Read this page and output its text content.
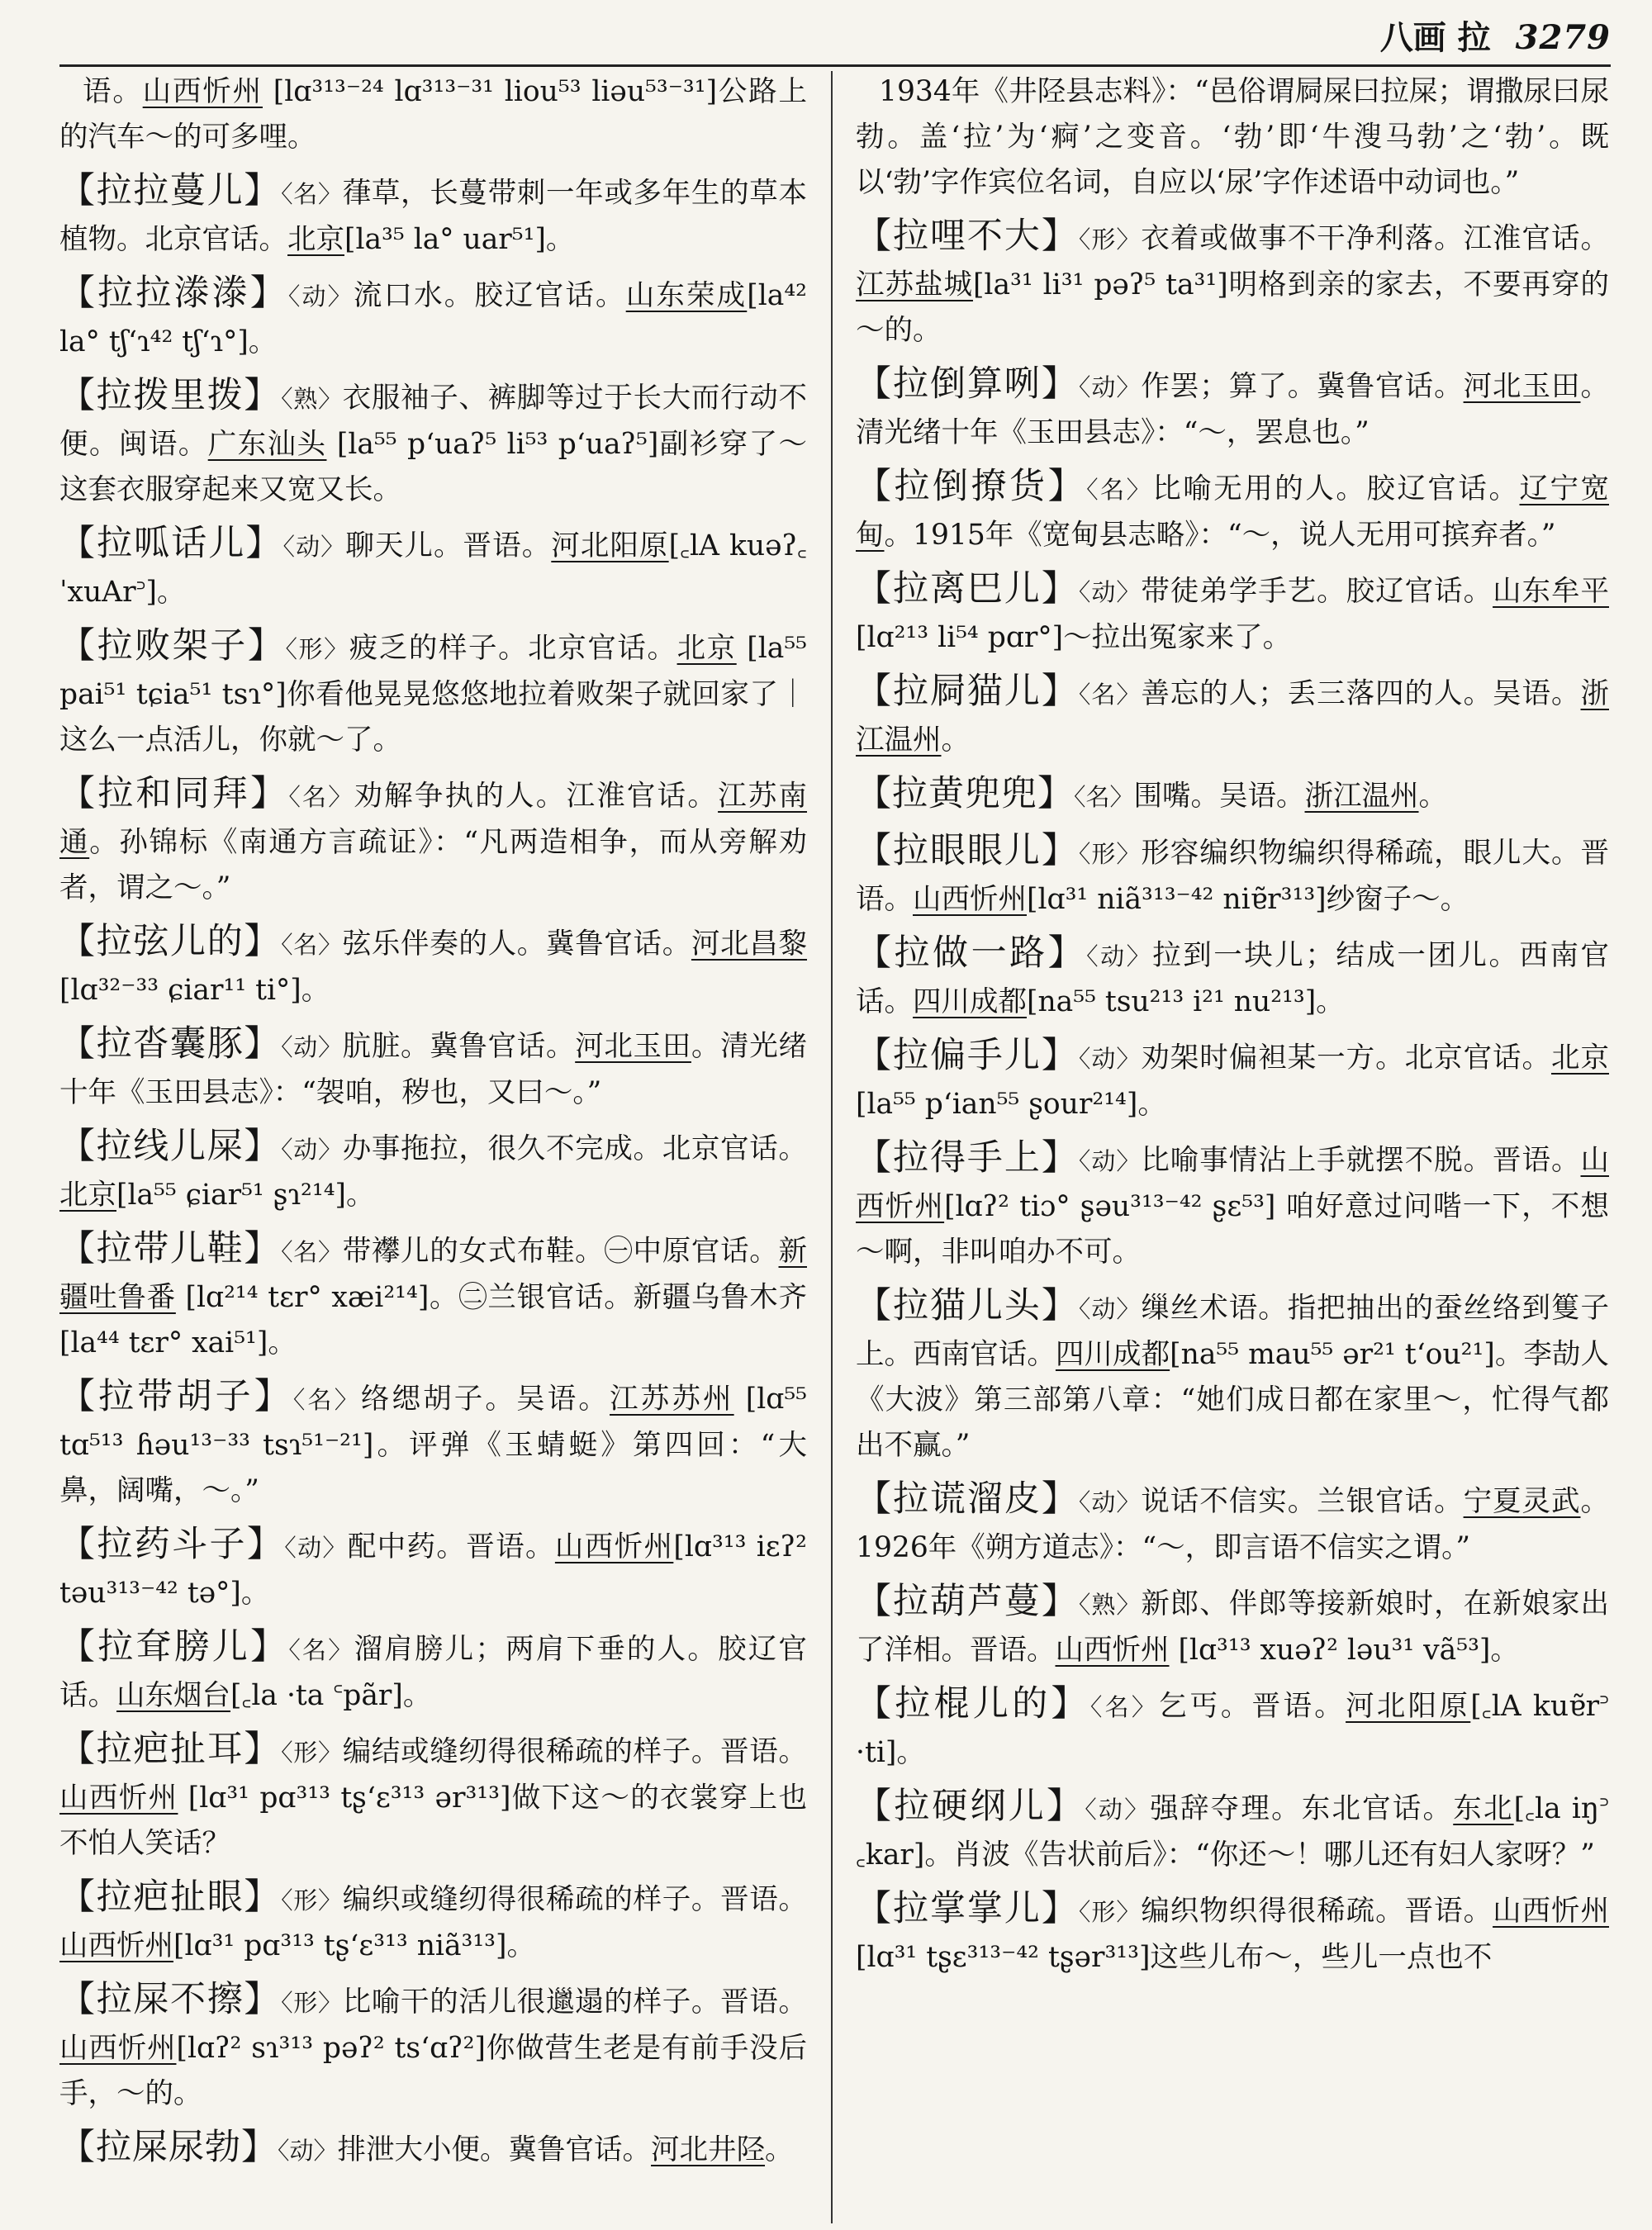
八画 拉 3279

语。山西忻州 [lɑ³¹³⁻²⁴ lɑ³¹³⁻³¹ liou⁵³ liəu⁵³⁻³¹]公路上的汽车～的可多哩。

【拉拉蔓儿】〈名〉葎草，长蔓带刺一年或多年生的草本植物。北京官话。北京[la³⁵ la° uar⁵¹]。

【拉拉漛漛】〈动〉流口水。胶辽官话。山东荣成[la⁴² la° tʃʻɿ⁴² tʃʻɿ°]。

【拉拨里拨】〈熟〉衣服袖子、裤脚等过于长大而行动不便。闽语。广东汕头 [la⁵⁵ pʻuaʔ⁵ li⁵³ pʻuaʔ⁵]副衫穿了～这套衣服穿起来又宽又长。

【拉呱话儿】〈动〉聊天儿。晋语。河北阳原[꜀lA kuəʔ꜀ ˈxuAr꜄]。

【拉败架子】〈形〉疲乏的样子。北京官话。北京 [la⁵⁵ pai⁵¹ tɕia⁵¹ tsɿ°]你看他晃晃悠悠地拉着败架子就回家了｜这么一点活儿，你就～了。

【拉和同拜】〈名〉劝解争执的人。江淮官话。江苏南通。孙锦标《南通方言疏证》：“凡两造相争，而从旁解劝者，谓之～。”

【拉弦儿的】〈名〉弦乐伴奏的人。冀鲁官话。河北昌黎[lɑ³²⁻³³ ɕiar¹¹ ti°]。

【拉沓囊豚】〈动〉肮脏。冀鲁官话。河北玉田。清光绪十年《玉田县志》：“袈咱，秽也，又曰～。”

【拉线儿屎】〈动〉办事拖拉，很久不完成。北京官话。北京[la⁵⁵ ɕiar⁵¹ ʂɿ²¹⁴]。

【拉带儿鞋】〈名〉带襻儿的女式布鞋。㊀中原官话。新疆吐鲁番 [lɑ²¹⁴ tɛr° xæi²¹⁴]。㊁兰银官话。新疆乌鲁木齐[la⁴⁴ tɛr° xai⁵¹]。

【拉带胡子】〈名〉络缌胡子。吴语。江苏苏州 [lɑ⁵⁵ tɑ⁵¹³ ɦəu¹³⁻³³ tsɿ⁵¹⁻²¹]。评弹《玉蜻蜓》第四回：“大鼻，阔嘴，～。”

【拉药斗子】〈动〉配中药。晋语。山西忻州[lɑ³¹³ iɛʔ² təu³¹³⁻⁴² tə°]。

【拉耷膀儿】〈名〉溜肩膀儿；两肩下垂的人。胶辽官话。山东烟台[꜀la ·ta ꜂pãr]。

【拉疤扯耳】〈形〉编结或缝纫得很稀疏的样子。晋语。山西忻州 [lɑ³¹ pɑ³¹³ tʂʻɛ³¹³ ər³¹³]做下这～的衣裳穿上也不怕人笑话？

【拉疤扯眼】〈形〉编织或缝纫得很稀疏的样子。晋语。山西忻州[lɑ³¹ pɑ³¹³ tʂʻɛ³¹³ niã³¹³]。

【拉屎不擦】〈形〉比喻干的活儿很邋遢的样子。晋语。山西忻州[lɑʔ² sɿ³¹³ pəʔ² tsʻɑʔ²]你做营生老是有前手没后手，～的。

【拉屎尿勃】〈动〉排泄大小便。冀鲁官话。河北井陉。

1934年《井陉县志料》：“邑俗谓屙屎曰拉屎；谓撒尿曰尿勃。盖‘拉’为‘痾’之变音。‘勃’即‘牛溲马勃’之‘勃’。既以‘勃’字作宾位名词，自应以‘尿’字作述语中动词也。”

【拉哩不大】〈形〉衣着或做事不干净利落。江淮官话。江苏盐城[la³¹ li³¹ pəʔ⁵ ta³¹]明格到亲的家去，不要再穿的～的。

【拉倒算咧】〈动〉作罢；算了。冀鲁官话。河北玉田。清光绪十年《玉田县志》：“～，罢息也。”

【拉倒撩货】〈名〉比喻无用的人。胶辽官话。辽宁宽甸。1915年《宽甸县志略》：“～，说人无用可摈弃者。”

【拉离巴儿】〈动〉带徒弟学手艺。胶辽官话。山东牟平[lɑ²¹³ li⁵⁴ pɑr°]～拉出冤家来了。

【拉屙猫儿】〈名〉善忘的人；丢三落四的人。吴语。浙江温州。

【拉黄兜兜】〈名〉围嘴。吴语。浙江温州。

【拉眼眼儿】〈形〉形容编织物编织得稀疏，眼儿大。晋语。山西忻州[lɑ³¹ niã³¹³⁻⁴² niɐ̃r³¹³]纱窗子～。

【拉做一路】〈动〉拉到一块儿；结成一团儿。西南官话。四川成都[na⁵⁵ tsu²¹³ i²¹ nu²¹³]。

【拉偏手儿】〈动〉劝架时偏袒某一方。北京官话。北京 [la⁵⁵ pʻian⁵⁵ ʂour²¹⁴]。

【拉得手上】〈动〉比喻事情沾上手就摆不脱。晋语。山西忻州[lɑʔ² tiɔ° ʂəu³¹³⁻⁴² ʂɛ⁵³] 咱好意过问喈一下，不想～啊，非叫咱办不可。

【拉猫儿头】〈动〉缫丝术语。指把抽出的蚕丝络到篗子上。西南官话。四川成都[na⁵⁵ mau⁵⁵ ər²¹ tʻou²¹]。李劼人《大波》第三部第八章：“她们成日都在家里～，忙得气都出不赢。”

【拉谎溜皮】〈动〉说话不信实。兰银官话。宁夏灵武。1926年《朔方道志》：“～，即言语不信实之谓。”

【拉葫芦蔓】〈熟〉新郎、伴郎等接新娘时，在新娘家出了洋相。晋语。山西忻州 [lɑ³¹³ xuəʔ² ləu³¹ vã⁵³]。

【拉棍儿的】〈名〉乞丐。晋语。河北阳原[꜀lA kuɐ̃r꜄ ·ti]。

【拉硬纲儿】〈动〉强辞夺理。东北官话。东北[꜀la iŋ꜄ ꜀kar]。肖波《告状前后》：“你还～！哪儿还有妇人家呀？”

【拉掌掌儿】〈形〉编织物织得很稀疏。晋语。山西忻州[lɑ³¹ tʂɛ³¹³⁻⁴² tʂər³¹³]这些儿布～，些儿一点也不
